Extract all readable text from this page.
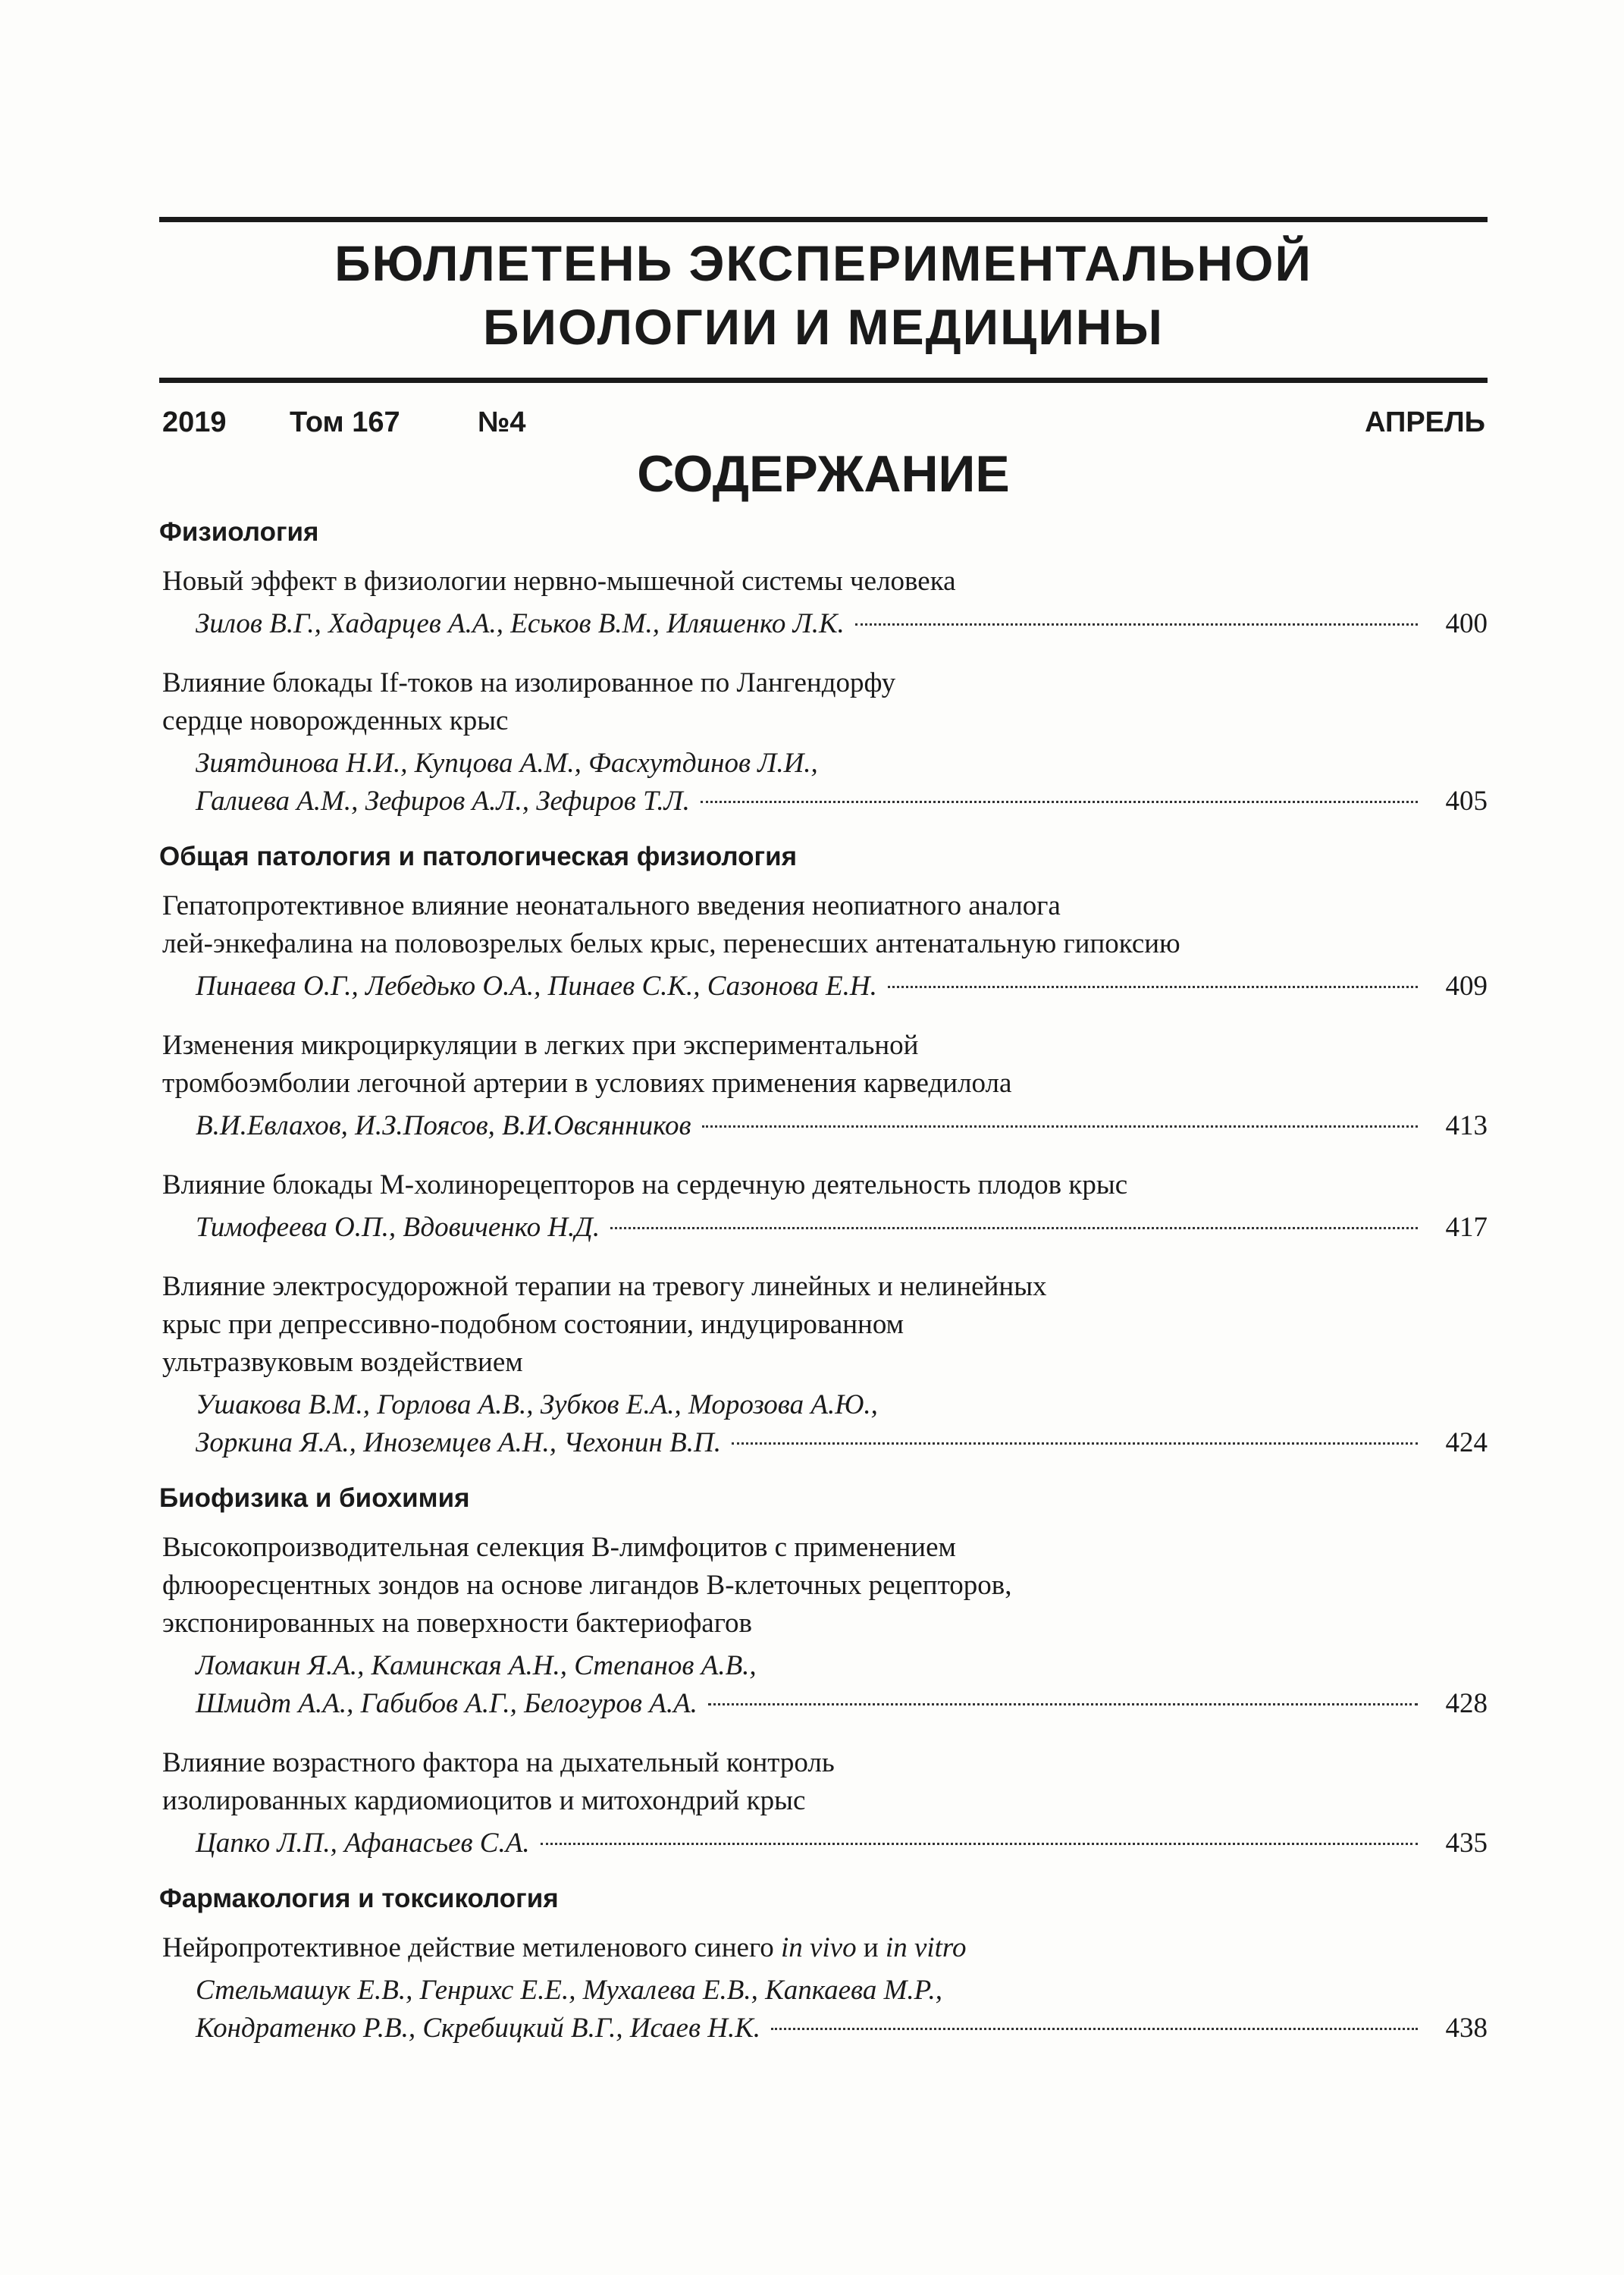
БЮЛЛЕТЕНЬ ЭКСПЕРИМЕНТАЛЬНОЙ
БИОЛОГИИ И МЕДИЦИНЫ

2019 Том 167	№4	АПРЕЛЬ

СОДЕРЖАНИЕ
Физиология
Новый эффект в физиологии нервно-мышечной системы человека
Зилов В.Г., Хадарцев А.А., Еськов В.М., Иляшенко Л.К.	400
Влияние блокады If-токов на изолированное по Лангендорфу
сердце новорожденных крыс
Зиятдинова Н.И., Купцова А.М., Фасхутдинов Л.И.,
Галиева А.М., Зефиров А.Л., Зефиров Т.Л.	405
Общая патология и патологическая физиология
Гепатопротективное влияние неонатального введения неопиатного аналога
лей-энкефалина на половозрелых белых крыс, перенесших антенатальную гипоксию
Пинаева О.Г., Лебедько О.А., Пинаев С.К., Сазонова Е.Н.	409
Изменения микроциркуляции в легких при экспериментальной
тромбоэмболии легочной артерии в условиях применения карведилола
В.И.Евлахов, И.З.Поясов, В.И.Овсянников	413
Влияние блокады М-холинорецепторов на сердечную деятельность плодов крыс
Тимофеева О.П., Вдовиченко Н.Д.	417
Влияние электросудорожной терапии на тревогу линейных и нелинейных
крыс при депрессивно-подобном состоянии, индуцированном
ультразвуковым воздействием
Ушакова В.М., Горлова А.В., Зубков Е.А., Морозова А.Ю.,
Зоркина Я.А., Иноземцев А.Н., Чехонин В.П.	424
Биофизика и биохимия
Высокопроизводительная селекция В-лимфоцитов с применением
флюоресцентных зондов на основе лигандов В-клеточных рецепторов,
экспонированных на поверхности бактериофагов
Ломакин Я.А., Каминская А.Н., Степанов А.В.,
Шмидт А.А., Габибов А.Г., Белогуров А.А.	428
Влияние возрастного фактора на дыхательный контроль
изолированных кардиомиоцитов и митохондрий крыс
Цапко Л.П., Афанасьев С.А.	435
Фармакология и токсикология
Нейропротективное действие метиленового синего in vivo и in vitro
Стельмашук Е.В., Генрихс Е.Е., Мухалева Е.В., Капкаева М.Р.,
Кондратенко Р.В., Скребицкий В.Г., Исаев Н.К.	438
